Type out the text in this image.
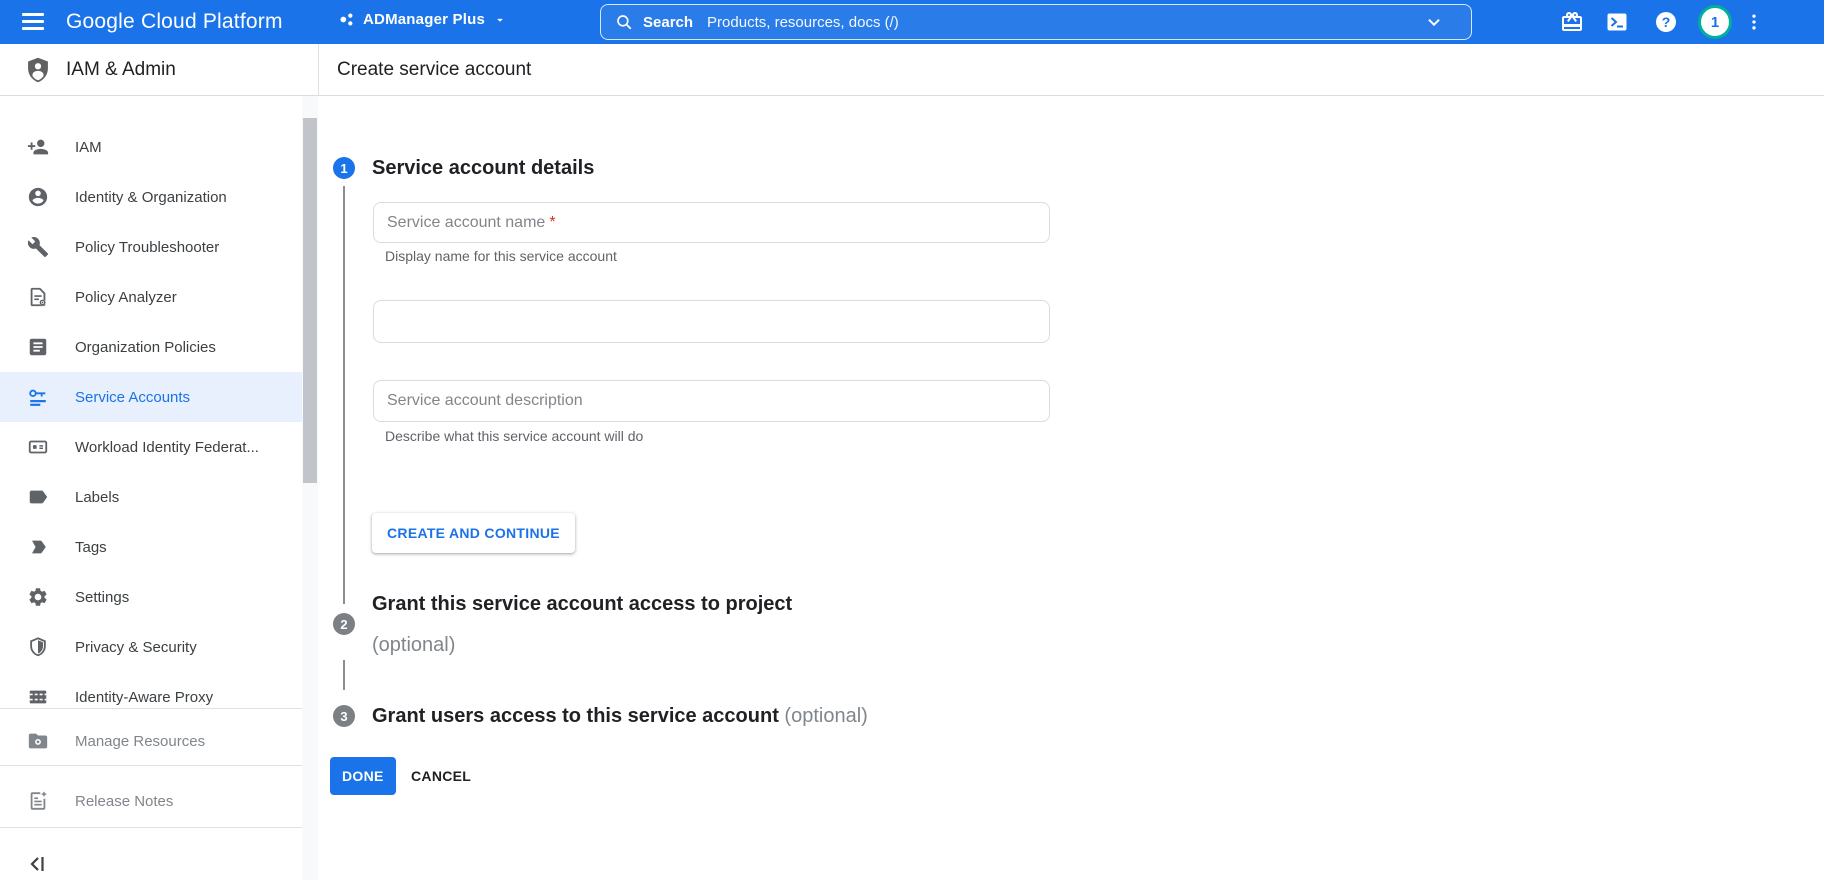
Google Cloud Platform	ADManager Plus	Search Products, resources, docs (/)	?	1
IAM & Admin	Create service account
IAM
Identity & Organization
Policy Troubleshooter
Policy Analyzer
Organization Policies
Service Accounts
Workload Identity Federat...
Labels
Tags
Settings
Privacy & Security
Identity-Aware Proxy
Manage Resources
Release Notes
1 Service account details
Service account name *
Display name for this service account
Service account description
Describe what this service account will do
CREATE AND CONTINUE
2
Grant this service account access to project (optional)
3 Grant users access to this service account (optional)
DONE	CANCEL
